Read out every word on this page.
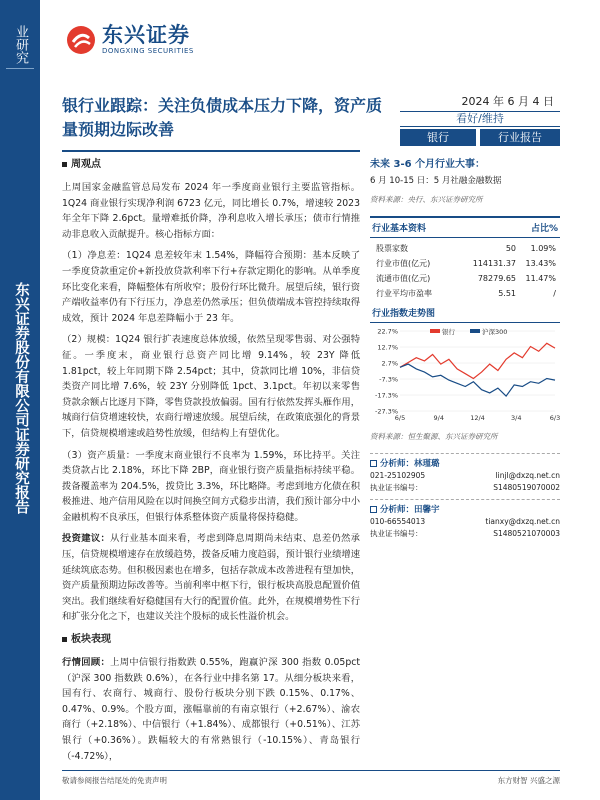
业研究
东兴证券股份有限公司证券研究报告
东兴证券
DONGXING SECURITIES
银行业跟踪：关注负债成本压力下降，资产质量预期边际改善
2024 年 6 月 4 日
看好/维持
银行	行业报告
周观点

上周国家金融监管总局发布 2024 年一季度商业银行主要监管指标。1Q24 商业银行实现净利润 6723 亿元，同比增长 0.7%，增速较 2023 年全年下降 2.6pct。量增难抵价降，净利息收入增长承压；债市行情推动非息收入贡献提升。核心指标方面：

（1）净息差：1Q24 息差较年末 1.54%，降幅符合预期：基本反映了一季度贷款重定价+新投放贷款利率下行+存款定期化的影响。从单季度环比变化来看，降幅整体有所收窄；股份行环比微升。展望后续，银行资产端收益率仍有下行压力，净息差仍然承压；但负债端成本管控持续取得成效，预计 2024 年息差降幅小于 23 年。

（2）规模：1Q24 银行扩表速度总体放缓，依然呈现零售弱、对公强特征。一季度末，商业银行总资产同比增 9.14%，较 23Y 降低 1.81pct，较上年同期下降 2.54pct；其中，贷款同比增 10%，非信贷类资产同比增 7.6%，较 23Y 分别降低 1pct、3.1pct。年初以来零售贷款余额占比逐月下降，零售贷款投放偏弱。国有行依然发挥头雁作用，城商行信贷增速较快，农商行增速放缓。展望后续，在政策底强化的背景下，信贷规模增速或趋势性放缓，但结构上有望优化。

（3）资产质量：一季度末商业银行不良率为 1.59%，环比持平。关注类贷款占比 2.18%，环比下降 2BP，商业银行资产质量指标持续平稳。拨备覆盖率为 204.5%，拨贷比 3.3%，环比略降。考虑到地方化债在积极推进、地产信用风险在以时间换空间方式稳步出清，我们预计部分中小金融机构不良承压，但银行体系整体资产质量将保持稳健。

投资建议：从行业基本面来看，考虑到降息周期尚未结束、息差仍然承压，信贷规模增速存在放缓趋势，拨备反哺力度趋弱，预计银行业绩增速延续筑底态势。但积极因素也在增多，包括存款成本改善进程有望加快，资产质量预期边际改善等。当前利率中枢下行，银行板块高股息配置价值突出。我们继续看好稳健国有大行的配置价值。此外，在规模增势性下行和扩张分化之下，也建议关注个股标的成长性溢价机会。

板块表现

行情回顾：上周中信银行指数跌 0.55%，跑赢沪深 300 指数 0.05pct（沪深 300 指数跌 0.6%），在各行业中排名第 17。从细分板块来看，国有行、农商行、城商行、股份行板块分别下跌 0.15%、0.17%、0.47%、0.9%。个股方面，涨幅靠前的有南京银行（+2.67%）、渝农商行（+2.18%）、中信银行（+1.84%）、成都银行（+0.51%）、江苏银行（+0.36%）。跌幅较大的有常熟银行（-10.15%）、青岛银行（-4.72%），

未来 3-6 个月行业大事：
6 月 10-15 日：5 月社融金融数据
资料来源：央行、东兴证券研究所
行业基本资料	占比%
股票家数	50	1.09%
行业市值(亿元)	114131.37	13.43%
流通市值(亿元)	78279.65	11.47%
行业平均市盈率	5.51	/
行业指数走势图
22.7%
12.7%
2.7%
-7.3%
-17.3%
-27.3%
6/5	9/4	12/4	3/4	6/3
银行	沪深300
资料来源：恒生聚源、东兴证券研究所
分析师：林瑾璐
021-25102905	linjl@dxzq.net.cn
执业证书编号：	S1480519070002
分析师：田馨宇
010-66554013	tianxy@dxzq.net.cn
执业证书编号：	S1480521070003
敬请参阅报告结尾处的免责声明	东方财智 兴盛之源
